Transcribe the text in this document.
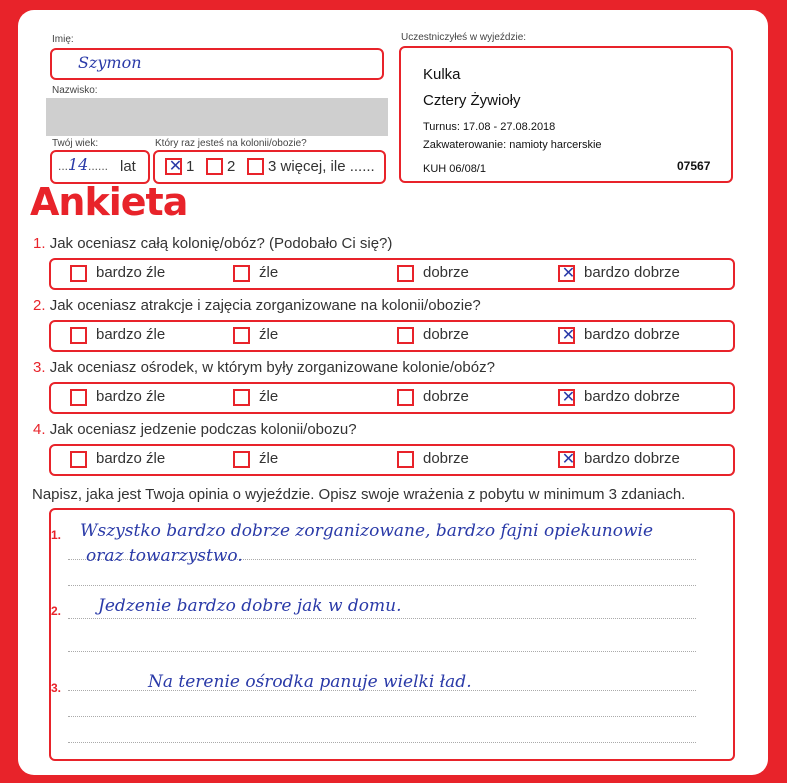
Imię:
Szymon
Nazwisko:
Twój wiek:
....
14 ...... lat
Który raz jesteś na kolonii/obozie?
✕ 1 2 3 więcej, ile ......
Uczestniczyłeś w wyjeździe:
Kulka
Cztery Żywioły
Turnus: 17.08 - 27.08.2018
Zakwaterowanie: namioty harcerskie
KUH 06/08/1	07567
Ankieta
1. Jak oceniasz całą kolonię/obóz? (Podobało Ci się?)
bardzo źle	źle	dobrze	✕ bardzo dobrze
2. Jak oceniasz atrakcje i zajęcia zorganizowane na kolonii/obozie?
bardzo źle	źle	dobrze	✕ bardzo dobrze
3. Jak oceniasz ośrodek, w którym były zorganizowane kolonie/obóz?
bardzo źle	źle	dobrze	✕ bardzo dobrze
4. Jak oceniasz jedzenie podczas kolonii/obozu?
bardzo źle	źle	dobrze	✕ bardzo dobrze
Napisz, jaka jest Twoja opinia o wyjeździe. Opisz swoje wrażenia z pobytu w minimum 3 zdaniach.
1. Wszystko bardzo dobrze zorganizowane, bardzo fajni opiekunowie
oraz towarzystwo.
2. Jedzenie bardzo dobre jak w domu.
3.	Na terenie ośrodka panuje wielki ład.
